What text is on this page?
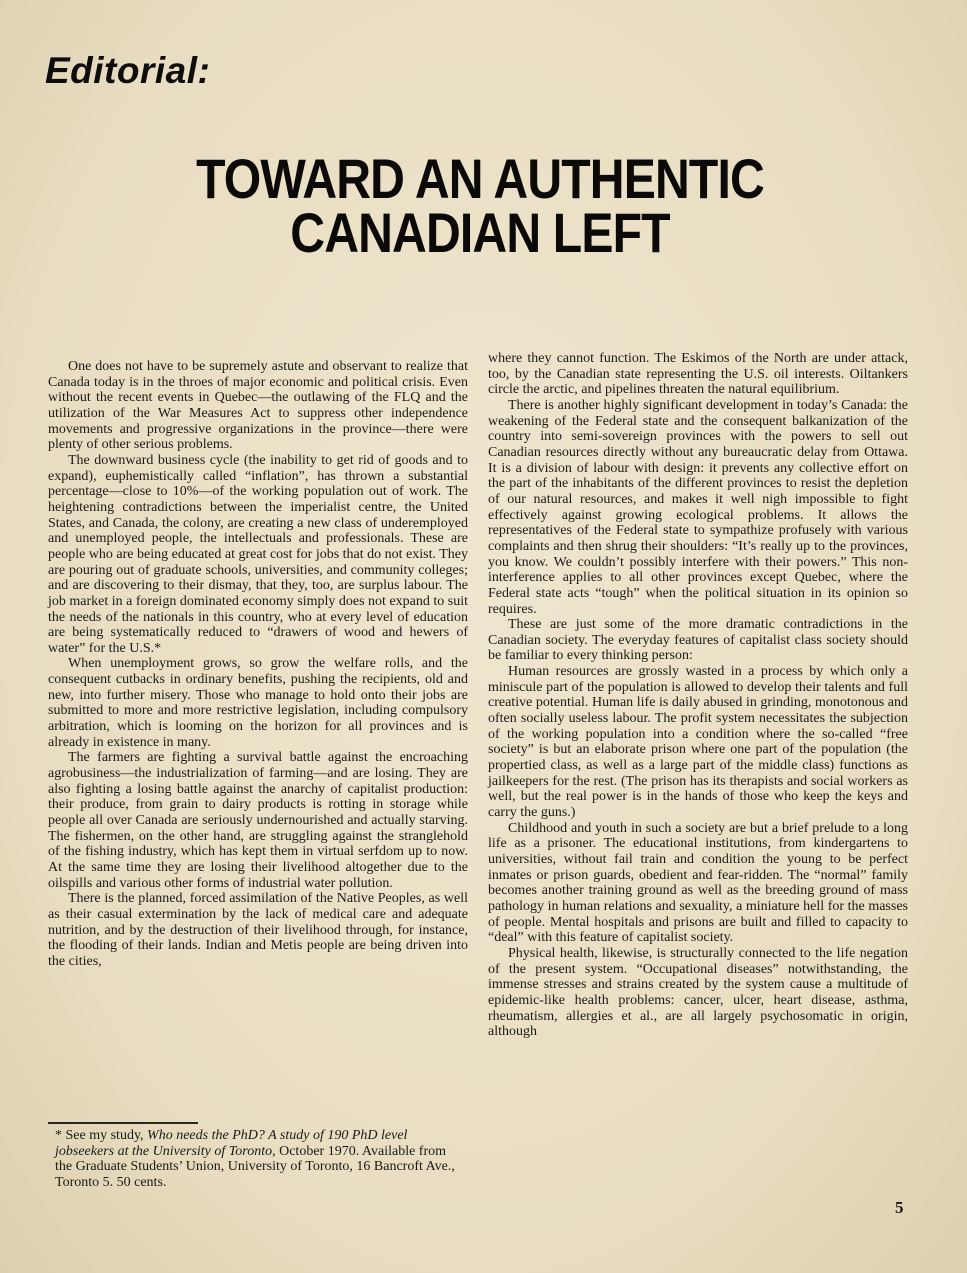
Editorial:
TOWARD AN AUTHENTIC
CANADIAN LEFT

One does not have to be supremely astute and observant to realize that Canada today is in the throes of major economic and political crisis. Even without the recent events in Quebec—the outlawing of the FLQ and the utilization of the War Measures Act to suppress other independence movements and progressive organizations in the province—there were plenty of other serious problems.

The downward business cycle (the inability to get rid of goods and to expand), euphemistically called “inflation”, has thrown a substantial percentage—close to 10%—of the working population out of work. The heightening contradictions between the imperialist centre, the United States, and Canada, the colony, are creating a new class of underemployed and unemployed people, the intellectuals and professionals. These are people who are being educated at great cost for jobs that do not exist. They are pouring out of graduate schools, universities, and community colleges; and are discovering to their dismay, that they, too, are surplus labour. The job market in a foreign dominated economy simply does not expand to suit the needs of the nationals in this country, who at every level of education are being systematically reduced to “drawers of wood and hewers of water” for the U.S.*

When unemployment grows, so grow the welfare rolls, and the consequent cutbacks in ordinary benefits, pushing the recipients, old and new, into further misery. Those who manage to hold onto their jobs are submitted to more and more restrictive legislation, including compulsory arbitration, which is looming on the horizon for all provinces and is already in existence in many.

The farmers are fighting a survival battle against the encroaching agrobusiness—the industrialization of farming—and are losing. They are also fighting a losing battle against the anarchy of capitalist production: their produce, from grain to dairy products is rotting in storage while people all over Canada are seriously undernourished and actually starving. The fishermen, on the other hand, are struggling against the stranglehold of the fishing industry, which has kept them in virtual serfdom up to now. At the same time they are losing their livelihood altogether due to the oilspills and various other forms of industrial water pollution.

There is the planned, forced assimilation of the Native Peoples, as well as their casual extermination by the lack of medical care and adequate nutrition, and by the destruction of their livelihood through, for instance, the flooding of their lands. Indian and Metis people are being driven into the cities,

* See my study, Who needs the PhD? A study of 190 PhD level jobseekers at the University of Toronto, October 1970. Available from the Graduate Students’ Union, University of Toronto, 16 Bancroft Ave., Toronto 5. 50 cents.

where they cannot function. The Eskimos of the North are under attack, too, by the Canadian state representing the U.S. oil interests. Oiltankers circle the arctic, and pipelines threaten the natural equilibrium.

There is another highly significant development in today’s Canada: the weakening of the Federal state and the consequent balkanization of the country into semi-sovereign provinces with the powers to sell out Canadian resources directly without any bureaucratic delay from Ottawa. It is a division of labour with design: it prevents any collective effort on the part of the inhabitants of the different provinces to resist the depletion of our natural resources, and makes it well nigh impossible to fight effectively against growing ecological problems. It allows the representatives of the Federal state to sympathize profusely with various complaints and then shrug their shoulders: “It’s really up to the provinces, you know. We couldn’t possibly interfere with their powers.” This non-interference applies to all other provinces except Quebec, where the Federal state acts “tough” when the political situation in its opinion so requires.

These are just some of the more dramatic contradictions in the Canadian society. The everyday features of capitalist class society should be familiar to every thinking person:

Human resources are grossly wasted in a process by which only a miniscule part of the population is allowed to develop their talents and full creative potential. Human life is daily abused in grinding, monotonous and often socially useless labour. The profit system necessitates the subjection of the working population into a condition where the so-called “free society” is but an elaborate prison where one part of the population (the propertied class, as well as a large part of the middle class) functions as jailkeepers for the rest. (The prison has its therapists and social workers as well, but the real power is in the hands of those who keep the keys and carry the guns.)

Childhood and youth in such a society are but a brief prelude to a long life as a prisoner. The educational institutions, from kindergartens to universities, without fail train and condition the young to be perfect inmates or prison guards, obedient and fear-ridden. The “normal” family becomes another training ground as well as the breeding ground of mass pathology in human relations and sexuality, a miniature hell for the masses of people. Mental hospitals and prisons are built and filled to capacity to “deal” with this feature of capitalist society.

Physical health, likewise, is structurally connected to the life negation of the present system. “Occupational diseases” notwithstanding, the immense stresses and strains created by the system cause a multitude of epidemic-like health problems: cancer, ulcer, heart disease, asthma, rheumatism, allergies et al., are all largely psychosomatic in origin, although

5
